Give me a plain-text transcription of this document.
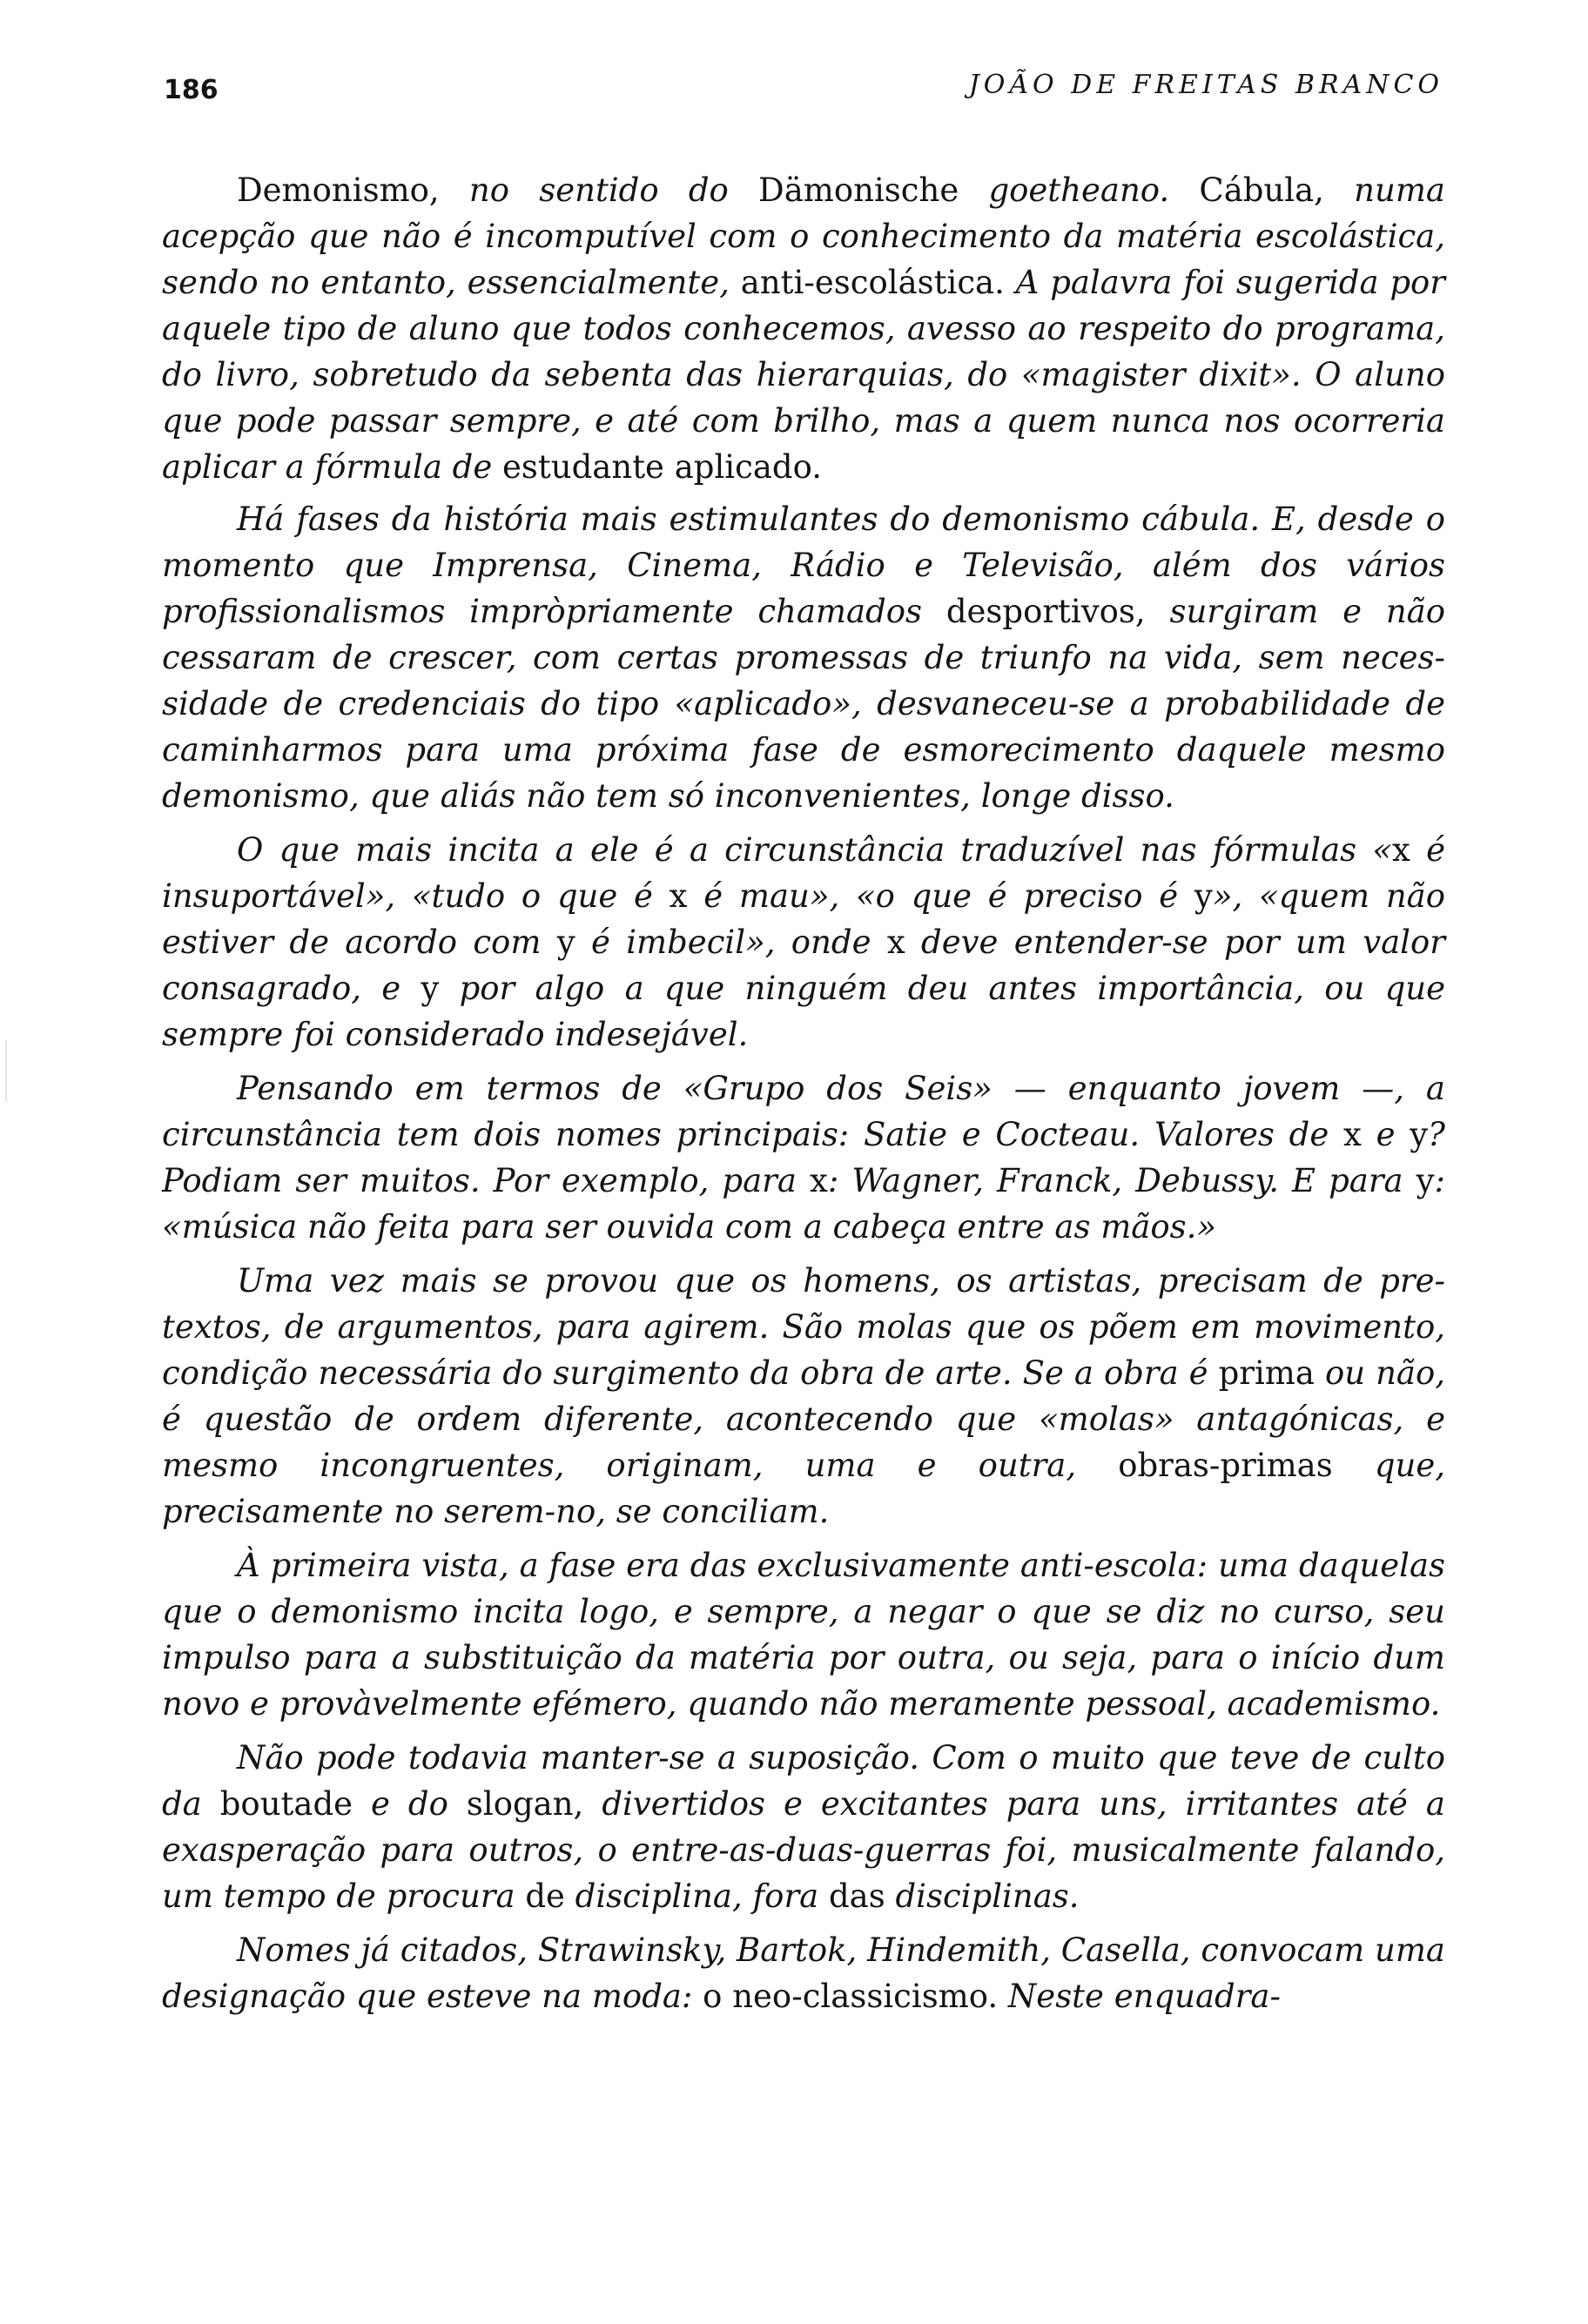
186	JOÃO DE FREITAS BRANCO

Demonismo, no sentido do Dämonische goetheano. Cábula, numa acepção que não é incomputível com o conhecimento da matéria escolástica, sendo no entanto, essencialmente, anti-escolástica. A palavra foi sugerida por aquele tipo de aluno que todos conhecemos, avesso ao respeito do programa, do livro, sobretudo da sebenta das hierarquias, do «magister dixit». O aluno que pode passar sempre, e até com brilho, mas a quem nunca nos ocorreria aplicar a fórmula de estudante aplicado.

Há fases da história mais estimulantes do demonismo cábula. E, desde o momento que Imprensa, Cinema, Rádio e Televisão, além dos vários profissionalismos impròpriamente chamados desportivos, surgiram e não cessaram de crescer, com certas promessas de triunfo na vida, sem necessidade de credenciais do tipo «aplicado», desvaneceu-se a probabilidade de caminharmos para uma próxima fase de esmorecimento daquele mesmo demonismo, que aliás não tem só inconvenientes, longe disso.

O que mais incita a ele é a circunstância traduzível nas fórmulas «x é insuportável», «tudo o que é x é mau», «o que é preciso é y», «quem não estiver de acordo com y é imbecil», onde x deve entender-se por um valor consagrado, e y por algo a que ninguém deu antes importância, ou que sempre foi considerado indesejável.

Pensando em termos de «Grupo dos Seis» — enquanto jovem —, a circunstância tem dois nomes principais: Satie e Cocteau. Valores de x e y? Podiam ser muitos. Por exemplo, para x: Wagner, Franck, Debussy. E para y: «música não feita para ser ouvida com a cabeça entre as mãos.»

Uma vez mais se provou que os homens, os artistas, precisam de pretextos, de argumentos, para agirem. São molas que os põem em movimento, condição necessária do surgimento da obra de arte. Se a obra é prima ou não, é questão de ordem diferente, acontecendo que «molas» antagónicas, e mesmo incongruentes, originam, uma e outra, obras-primas que, precisamente no serem-no, se conciliam.

À primeira vista, a fase era das exclusivamente anti-escola: uma daquelas que o demonismo incita logo, e sempre, a negar o que se diz no curso, seu impulso para a substituição da matéria por outra, ou seja, para o início dum novo e provàvelmente efémero, quando não meramente pessoal, academismo.

Não pode todavia manter-se a suposição. Com o muito que teve de culto da boutade e do slogan, divertidos e excitantes para uns, irritantes até a exasperação para outros, o entre-as-duas-guerras foi, musicalmente falando, um tempo de procura de disciplina, fora das disciplinas.

Nomes já citados, Strawinsky, Bartok, Hindemith, Casella, convocam uma designação que esteve na moda: o neo-classicismo. Neste enquadra-
